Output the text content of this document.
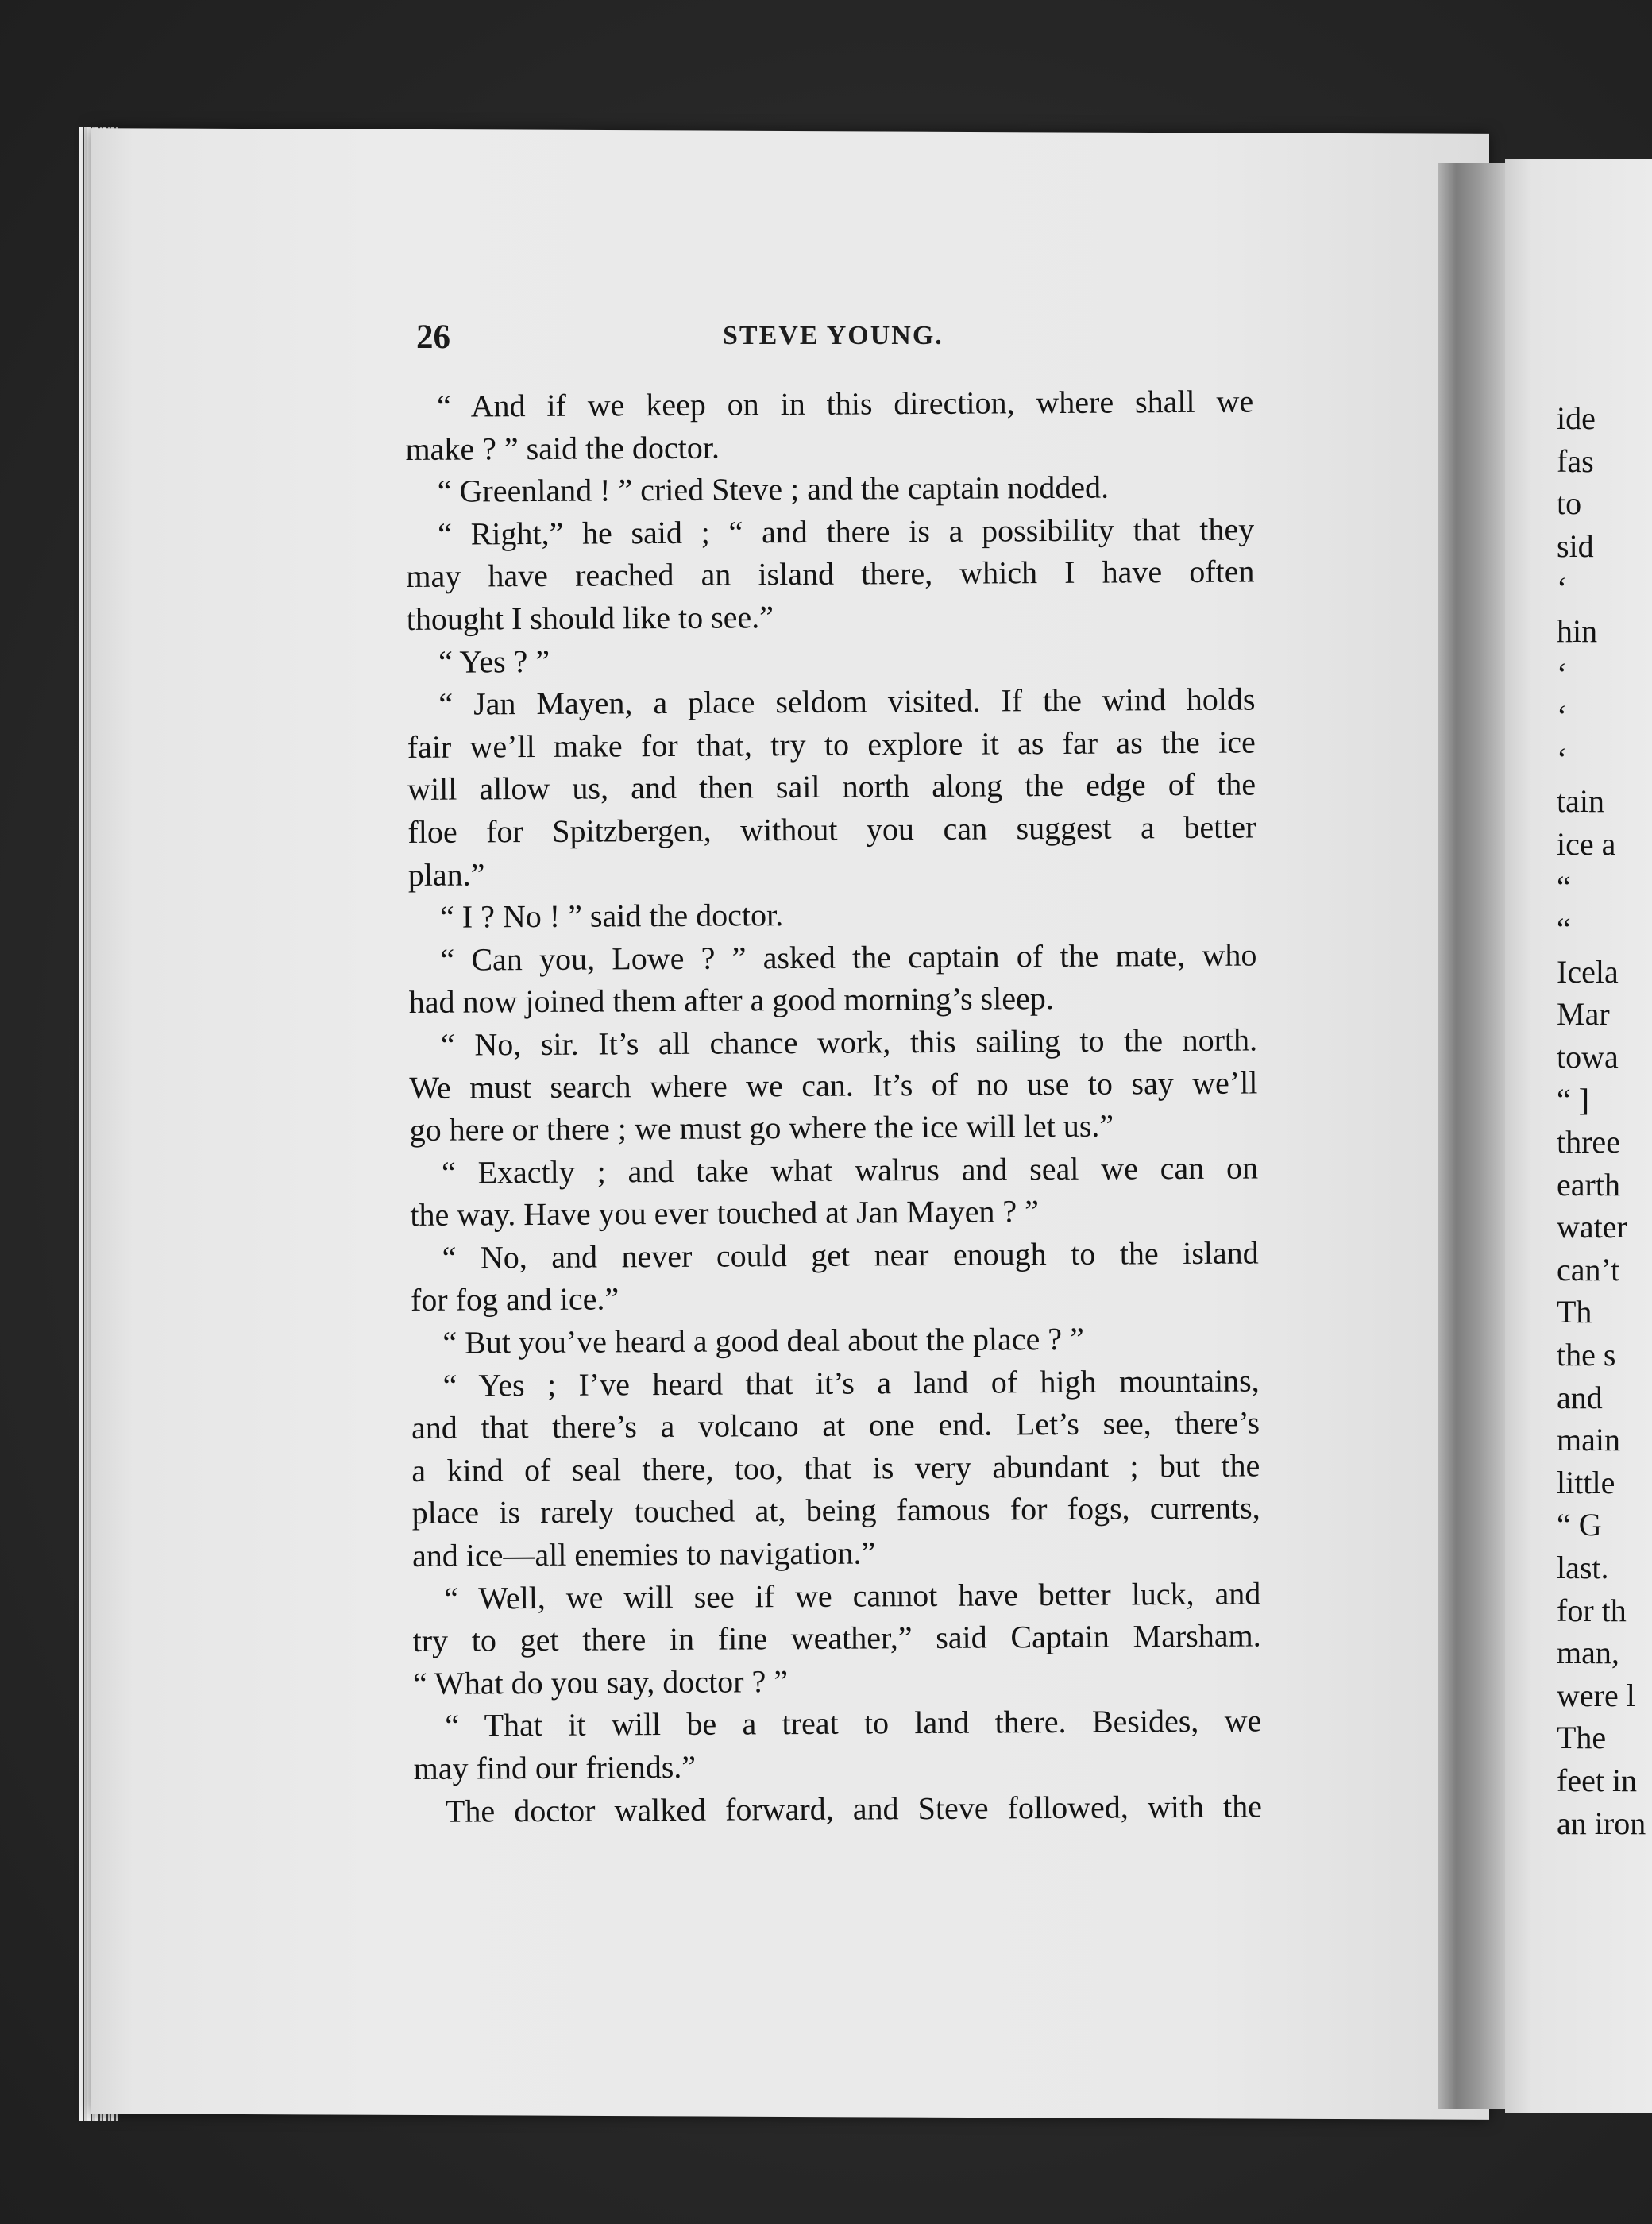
26	STEVE YOUNG.
“ And if we keep on in this direction, where shall we
make ? ” said the doctor.
“ Greenland ! ” cried Steve ; and the captain nodded.
“ Right,” he said ; “ and there is a possibility that they
may have reached an island there, which I have often
thought I should like to see.”
“ Yes ? ”
“ Jan Mayen, a place seldom visited. If the wind holds
fair we’ll make for that, try to explore it as far as the ice
will allow us, and then sail north along the edge of the
floe for Spitzbergen, without you can suggest a better
plan.”
“ I ? No ! ” said the doctor.
“ Can you, Lowe ? ” asked the captain of the mate, who
had now joined them after a good morning’s sleep.
“ No, sir. It’s all chance work, this sailing to the north.
We must search where we can. It’s of no use to say we’ll
go here or there ; we must go where the ice will let us.”
“ Exactly ; and take what walrus and seal we can on
the way. Have you ever touched at Jan Mayen ? ”
“ No, and never could get near enough to the island
for fog and ice.”
“ But you’ve heard a good deal about the place ? ”
“ Yes ; I’ve heard that it’s a land of high mountains,
and that there’s a volcano at one end. Let’s see, there’s
a kind of seal there, too, that is very abundant ; but the
place is rarely touched at, being famous for fogs, currents,
and ice—all enemies to navigation.”
“ Well, we will see if we cannot have better luck, and
try to get there in fine weather,” said Captain Marsham.
“ What do you say, doctor ? ”
“ That it will be a treat to land there. Besides, we
may find our friends.”
The doctor walked forward, and Steve followed, with the
ide
fas
to
sid
‘
hin
‘
‘
‘
tain
ice a
“
“
Icela
Mar
towa
“ ]
three
earth
water
can’t
Th
the s
and
main
little
“ G
last.
for th
man,
were l
The
feet in
an iron
